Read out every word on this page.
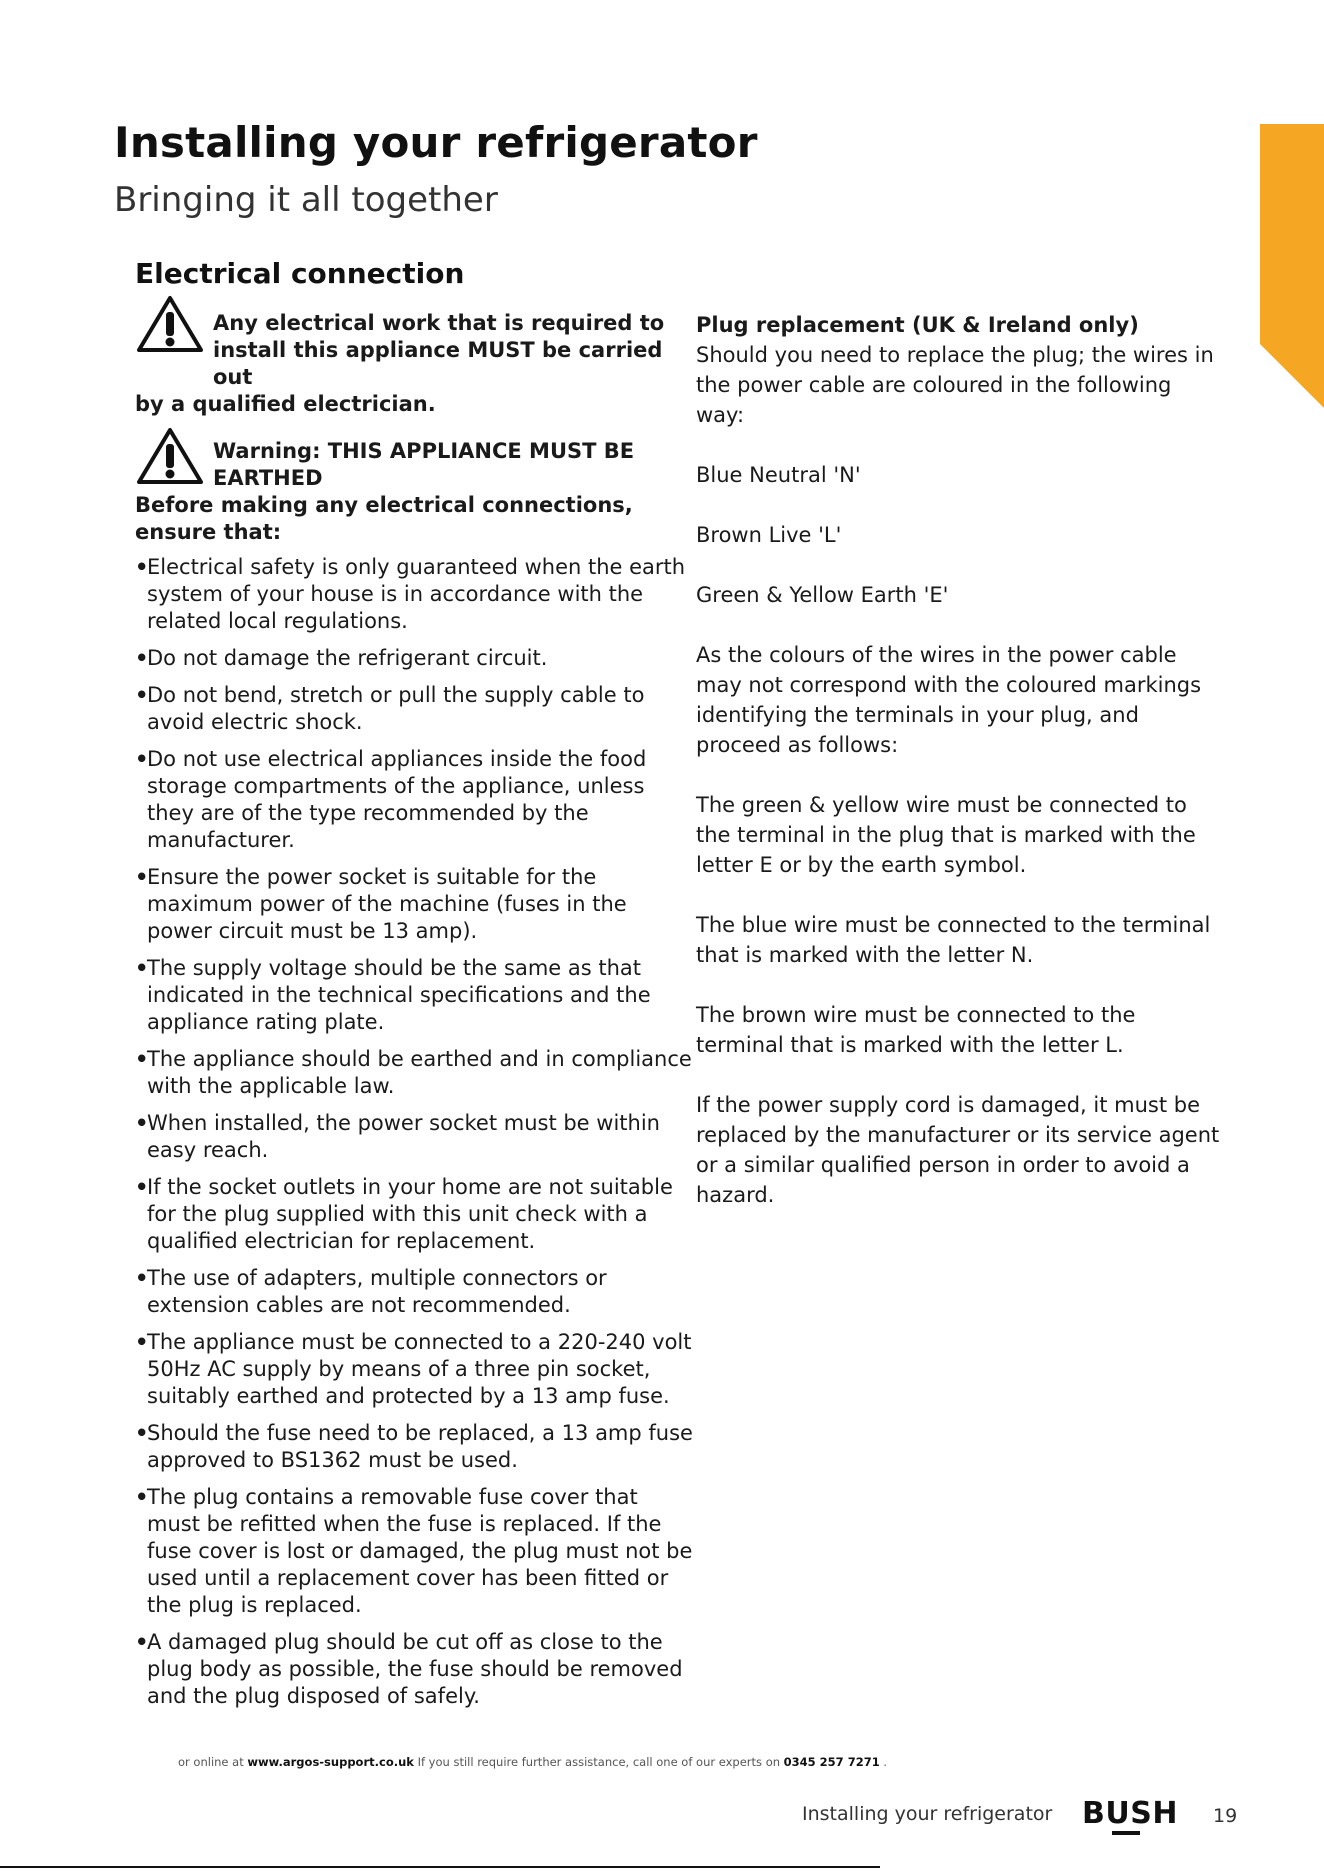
Installing your refrigerator
Bringing it all together
Electrical connection
Any electrical work that is required to
install this appliance MUST be carried out
by a qualified electrician.
Warning: THIS APPLIANCE MUST BE
EARTHED

Before making any electrical connections, ensure that:

•
Electrical safety is only guaranteed when the earth system of your house is in accordance with the related local regulations.
•
Do not damage the refrigerant circuit.
•
Do not bend, stretch or pull the supply cable to avoid electric shock.
•
Do not use electrical appliances inside the food storage compartments of the appliance, unless they are of the type recommended by the manufacturer.
•
Ensure the power socket is suitable for the maximum power of the machine (fuses in the power circuit must be 13 amp).
•
The supply voltage should be the same as that indicated in the technical specifications and the appliance rating plate.
•
The appliance should be earthed and in compliance with the applicable law.
•
When installed, the power socket must be within easy reach.
•
If the socket outlets in your home are not suitable for the plug supplied with this unit check with a qualified electrician for replacement.
•
The use of adapters, multiple connectors or extension cables are not recommended.
•
The appliance must be connected to a 220-240 volt 50Hz AC supply by means of a three pin socket, suitably earthed and protected by a 13 amp fuse.
•
Should the fuse need to be replaced, a 13 amp fuse approved to BS1362 must be used.
•
The plug contains a removable fuse cover that must be refitted when the fuse is replaced. If the fuse cover is lost or damaged, the plug must not be used until a replacement cover has been fitted or the plug is replaced.
•
A damaged plug should be cut off as close to the plug body as possible, the fuse should be removed and the plug disposed of safely.

Plug replacement (UK & Ireland only)

Should you need to replace the plug; the wires in the power cable are coloured in the following way:

Blue Neutral 'N'

Brown Live 'L'

Green & Yellow Earth 'E'

As the colours of the wires in the power cable may not correspond with the coloured markings identifying the terminals in your plug, and proceed as follows:

The green & yellow wire must be connected to the terminal in the plug that is marked with the letter E or by the earth symbol.

The blue wire must be connected to the terminal that is marked with the letter N.

The brown wire must be connected to the terminal that is marked with the letter L.

If the power supply cord is damaged, it must be replaced by the manufacturer or its service agent or a similar qualified person in order to avoid a hazard.

or online at www.argos-support.co.uk If you still require further assistance, call one of our experts on 0345 257 7271 .
Installing your refrigerator BUSH 19
